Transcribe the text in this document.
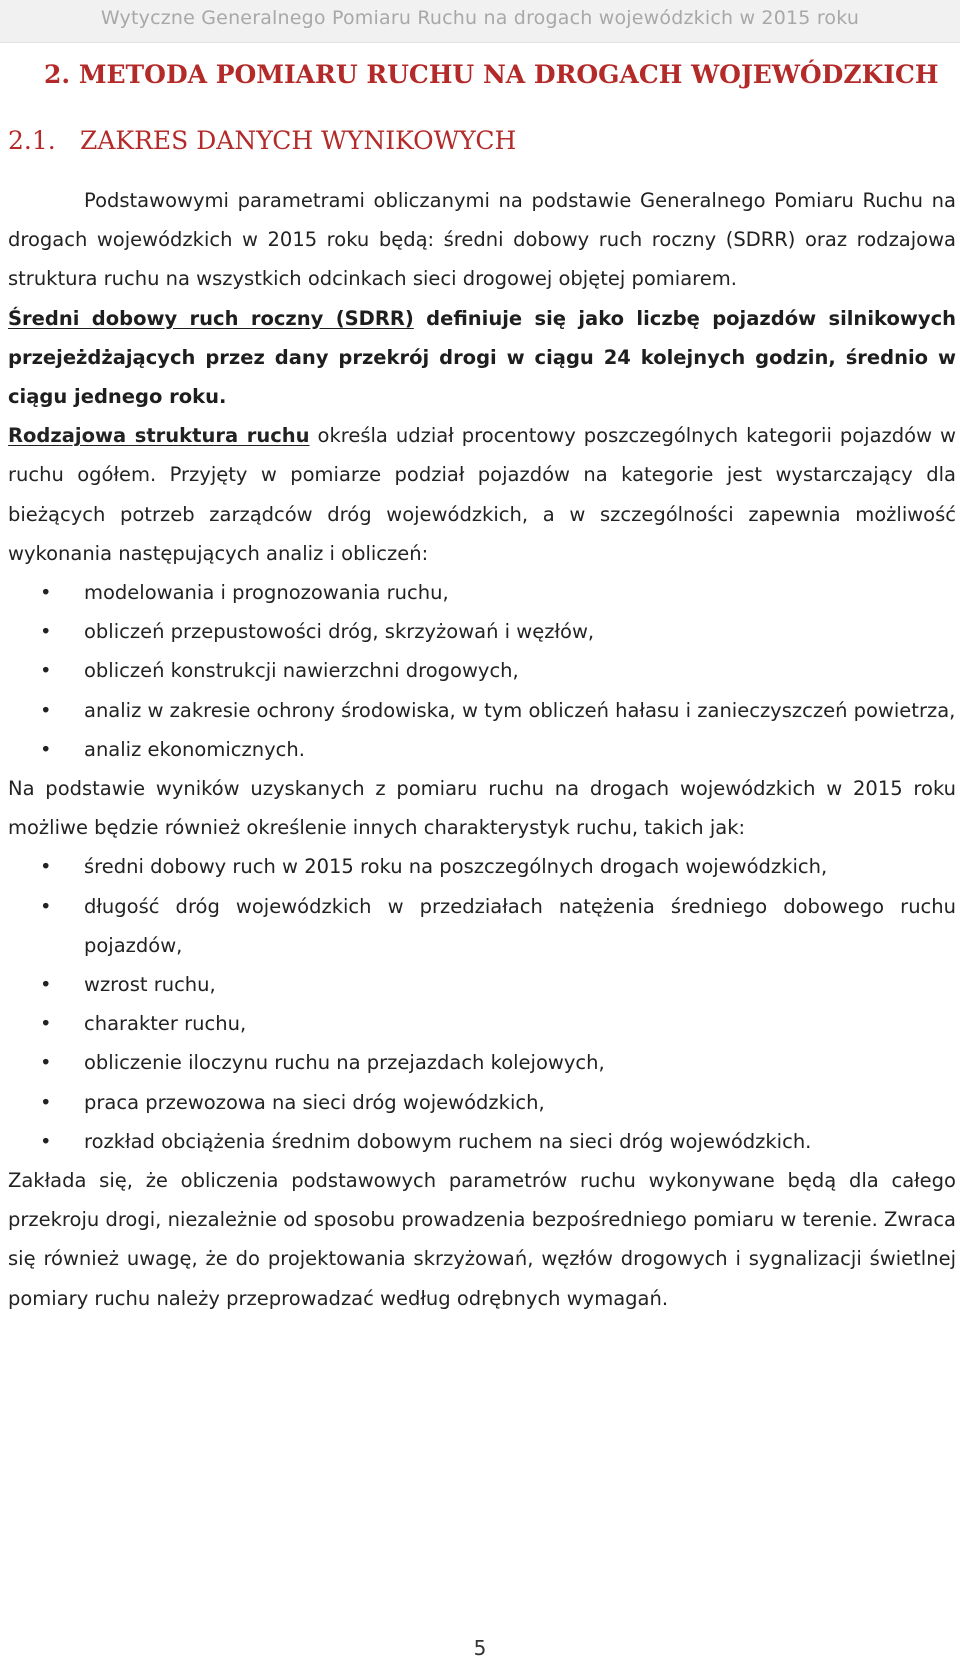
Wytyczne Generalnego Pomiaru Ruchu na drogach wojewódzkich w 2015 roku
2. METODA POMIARU RUCHU NA DROGACH WOJEWÓDZKICH
2.1. ZAKRES DANYCH WYNIKOWYCH

Podstawowymi parametrami obliczanymi na podstawie Generalnego Pomiaru Ruchu na drogach wojewódzkich w 2015 roku będą: średni dobowy ruch roczny (SDRR) oraz rodzajowa struktura ruchu na wszystkich odcinkach sieci drogowej objętej pomiarem.

Średni dobowy ruch roczny (SDRR) definiuje się jako liczbę pojazdów silnikowych przejeżdżających przez dany przekrój drogi w ciągu 24 kolejnych godzin, średnio w ciągu jednego roku.

Rodzajowa struktura ruchu określa udział procentowy poszczególnych kategorii pojazdów w ruchu ogółem. Przyjęty w pomiarze podział pojazdów na kategorie jest wystarczający dla bieżących potrzeb zarządców dróg wojewódzkich, a w szczególności zapewnia możliwość wykonania następujących analiz i obliczeń:

• modelowania i prognozowania ruchu,
• obliczeń przepustowości dróg, skrzyżowań i węzłów,
• obliczeń konstrukcji nawierzchni drogowych,
• analiz w zakresie ochrony środowiska, w tym obliczeń hałasu i zanieczyszczeń powietrza,
• analiz ekonomicznych.

Na podstawie wyników uzyskanych z pomiaru ruchu na drogach wojewódzkich w 2015 roku możliwe będzie również określenie innych charakterystyk ruchu, takich jak:

• średni dobowy ruch w 2015 roku na poszczególnych drogach wojewódzkich,
• długość dróg wojewódzkich w przedziałach natężenia średniego dobowego ruchu pojazdów,
• wzrost ruchu,
• charakter ruchu,
• obliczenie iloczynu ruchu na przejazdach kolejowych,
• praca przewozowa na sieci dróg wojewódzkich,
• rozkład obciążenia średnim dobowym ruchem na sieci dróg wojewódzkich.

Zakłada się, że obliczenia podstawowych parametrów ruchu wykonywane będą dla całego przekroju drogi, niezależnie od sposobu prowadzenia bezpośredniego pomiaru w terenie. Zwraca się również uwagę, że do projektowania skrzyżowań, węzłów drogowych i sygnalizacji świetlnej pomiary ruchu należy przeprowadzać według odrębnych wymagań.

5
